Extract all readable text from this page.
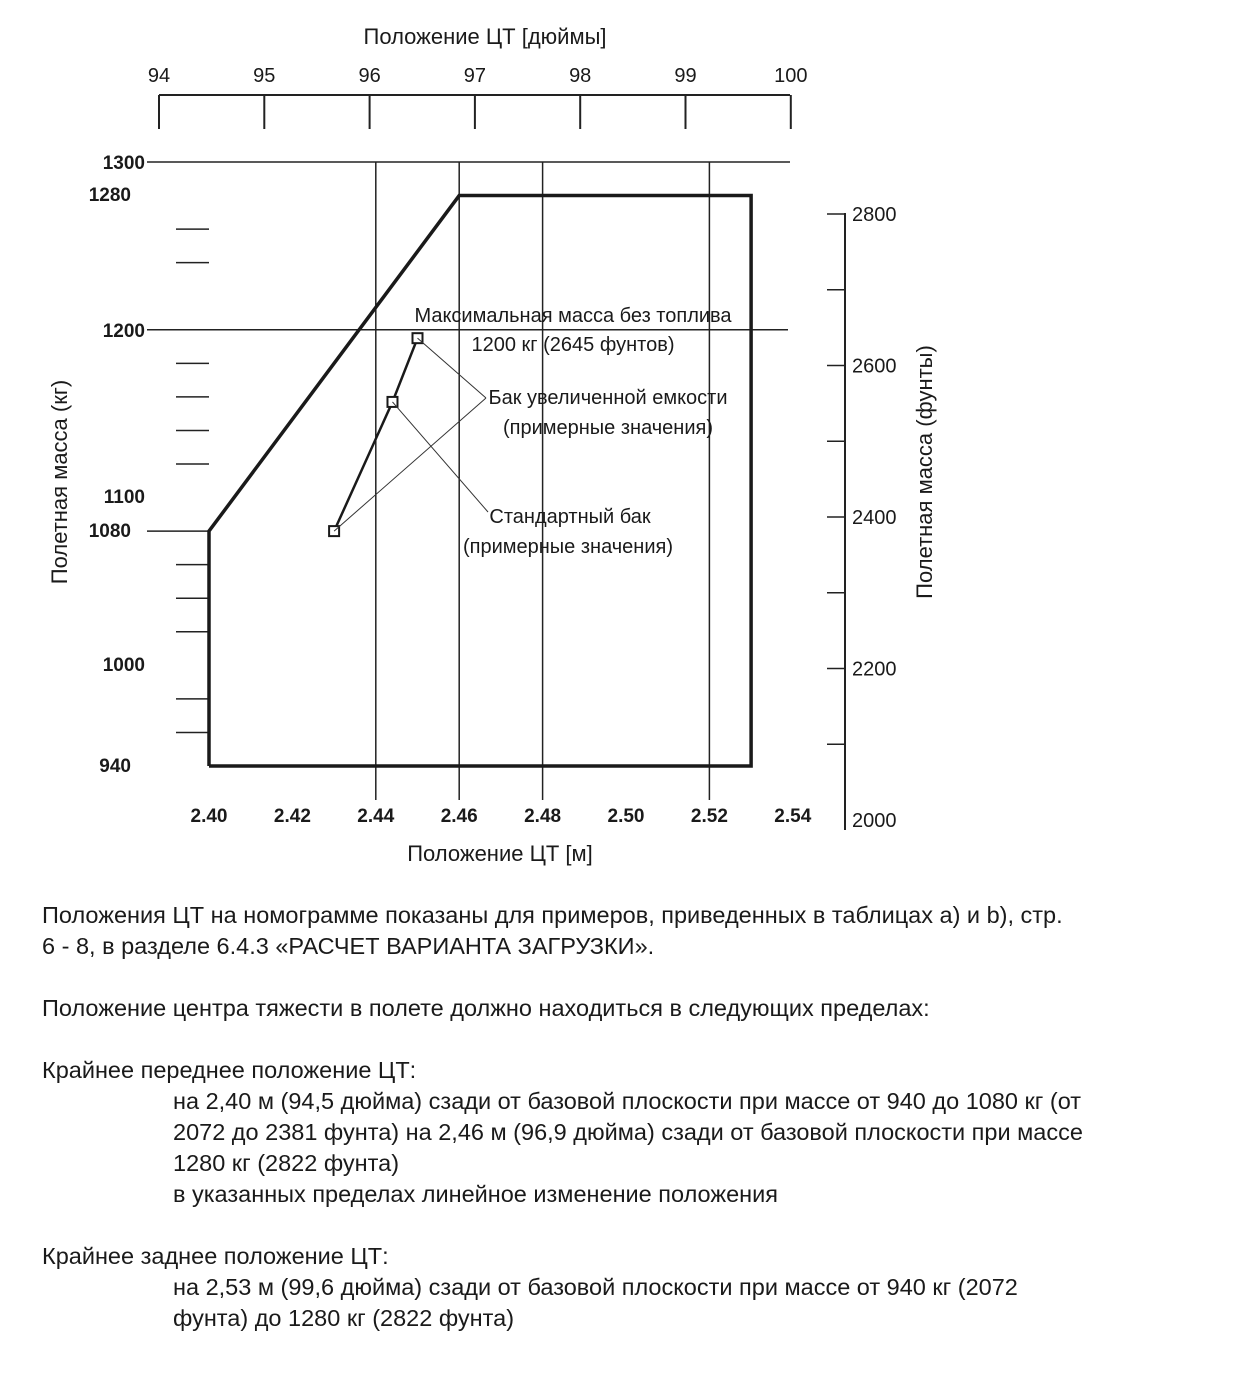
94	95	96	97	98	99	100
1300
1280
1200
1100
1080
1000
940
2.40 2.42 2.44 2.46 2.48 2.50 2.52 2.54
2800
2600
2400
2200
2000
Максимальная масса без топлива
1200 кг (2645 фунтов)
Бак увеличенной емкости
(примерные значения)
Стандартный бак
(примерные значения)
Положение ЦТ [дюймы]
Положение ЦТ [м]
Полетная масса (кг)	Полетная масса (фунты)

Положения ЦТ на номограмме показаны для примеров, приведенных в таблицах a) и b), стр.

6 - 8, в разделе 6.4.3 «РАСЧЕТ ВАРИАНТА ЗАГРУЗКИ».

Положение центра тяжести в полете должно находиться в следующих пределах:

Крайнее переднее положение ЦТ:

на 2,40 м (94,5 дюйма) сзади от базовой плоскости при массе от 940 до 1080 кг (от

2072 до 2381 фунта) на 2,46 м (96,9 дюйма) сзади от базовой плоскости при массе

1280 кг (2822 фунта)

в указанных пределах линейное изменение положения

Крайнее заднее положение ЦТ:

на 2,53 м (99,6 дюйма) сзади от базовой плоскости при массе от 940 кг (2072

фунта) до 1280 кг (2822 фунта)
